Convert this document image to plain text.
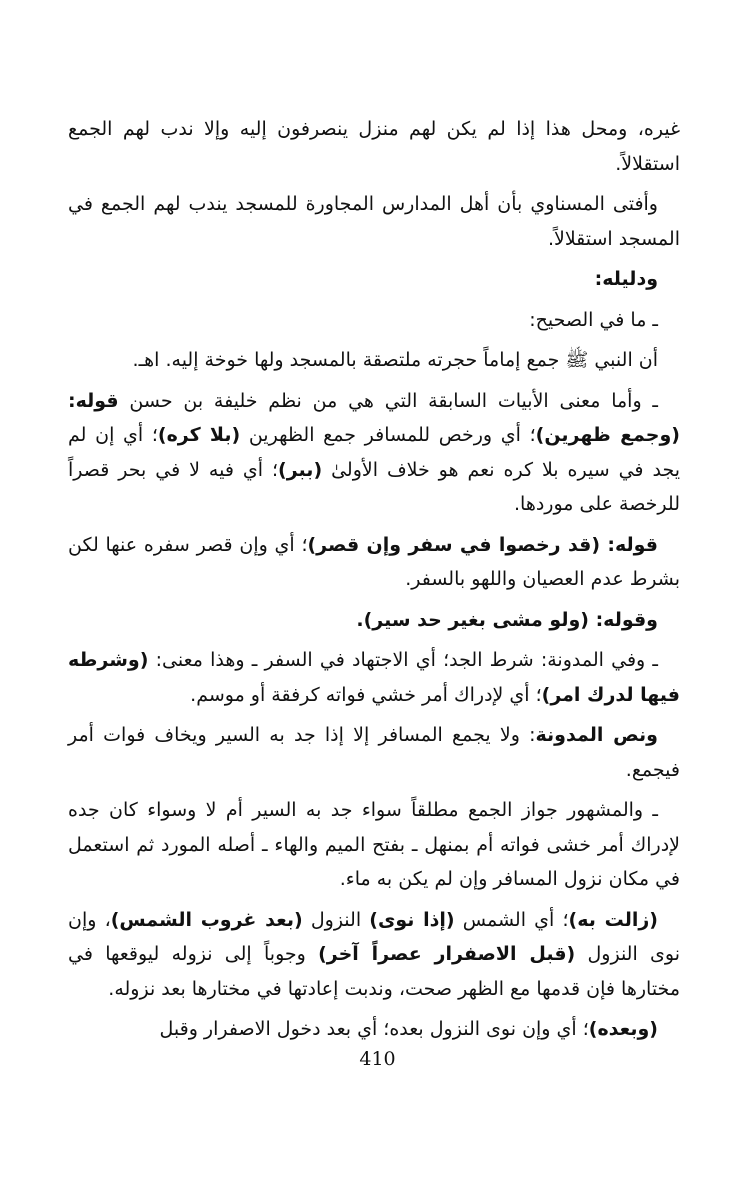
غيره، ومحل هذا إذا لم يكن لهم منزل ينصرفون إليه وإلا ندب لهم الجمع استقلالاً.

وأفتى المسناوي بأن أهل المدارس المجاورة للمسجد يندب لهم الجمع في المسجد استقلالاً.

ودليله:

ـ ما في الصحيح:

أن النبي ﷺ جمع إماماً حجرته ملتصقة بالمسجد ولها خوخة إليه. اهـ.

ـ وأما معنى الأبيات السابقة التي هي من نظم خليفة بن حسن قوله: (وجمع ظهرين)؛ أي ورخص للمسافر جمع الظهرين (بلا كره)؛ أي إن لم يجد في سيره بلا كره نعم هو خلاف الأولىٰ (ببر)؛ أي فيه لا في بحر قصراً للرخصة على موردها.

قوله: (قد رخصوا في سفر وإن قصر)؛ أي وإن قصر سفره عنها لكن بشرط عدم العصيان واللهو بالسفر.

وقوله: (ولو مشى بغير حد سير).

ـ وفي المدونة: شرط الجد؛ أي الاجتهاد في السفر ـ وهذا معنى: (وشرطه فيها لدرك امر)؛ أي لإدراك أمر خشي فواته كرفقة أو موسم.

ونص المدونة: ولا يجمع المسافر إلا إذا جد به السير ويخاف فوات أمر فيجمع.

ـ والمشهور جواز الجمع مطلقاً سواء جد به السير أم لا وسواء كان جده لإدراك أمر خشى فواته أم بمنهل ـ بفتح الميم والهاء ـ أصله المورد ثم استعمل في مكان نزول المسافر وإن لم يكن به ماء.

(زالت به)؛ أي الشمس (إذا نوى) النزول (بعد غروب الشمس)، وإن نوى النزول (قبل الاصفرار عصراً آخر) وجوباً إلى نزوله ليوقعها في مختارها فإن قدمها مع الظهر صحت، وندبت إعادتها في مختارها بعد نزوله.

(وبعده)؛ أي وإن نوى النزول بعده؛ أي بعد دخول الاصفرار وقبل

410
